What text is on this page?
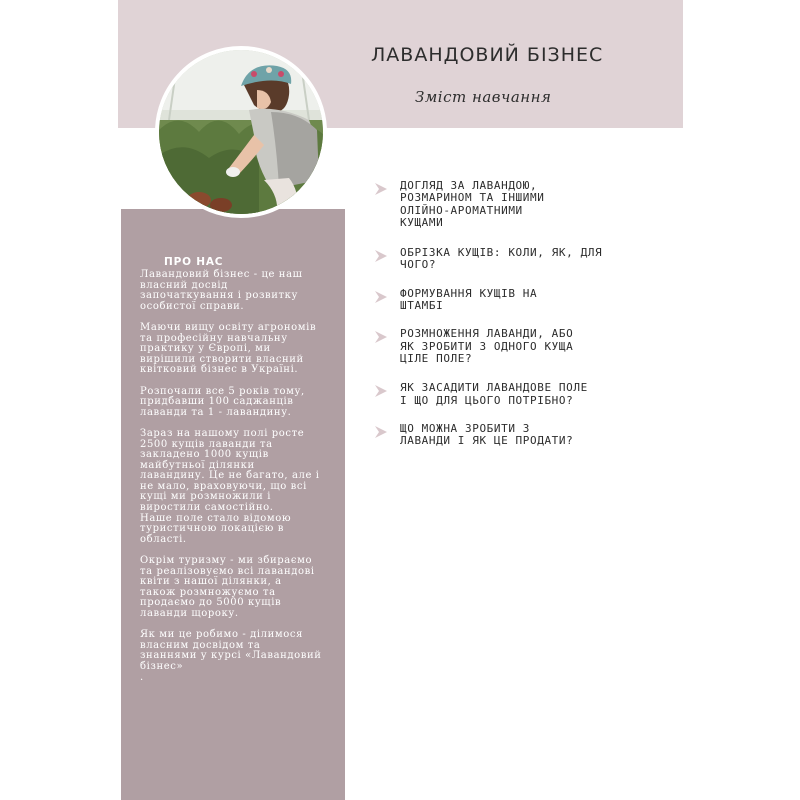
ЛАВАНДОВИЙ БІЗНЕС
Зміст навчання
ПРО НАС

Лавандовий бізнес - це наш
власний досвід
започаткування і розвитку
особистої справи.

Маючи вищу освіту агрономів
та професійну навчальну
практику у Європі, ми
вирішили створити власний
квітковий бізнес в Україні.

Розпочали все 5 років тому,
придбавши 100 саджанців
лаванди та 1 - лавандину.

Зараз на нашому полі росте
2500 кущів лаванди та
закладено 1000 кущів
майбутньої ділянки
лавандину. Це не багато, але і
не мало, враховуючи, що всі
кущі ми розмножили і
виростили самостійно.
Наше поле стало відомою
туристичною локацією в
області.

Окрім туризму - ми збираємо
та реалізовуємо всі лавандові
квіти з нашої ділянки, а
також розмножуємо та
продаємо до 5000 кущів
лаванди щороку.

Як ми це робимо - ділимося
власним досвідом та
знаннями у курсі «Лавандовий
бізнес»
.

ДОГЛЯД ЗА ЛАВАНДОЮ,
РОЗМАРИНОМ ТА ІНШИМИ
ОЛІЙНО-АРОМАТНИМИ
КУЩАМИ
ОБРІЗКА КУЩІВ: КОЛИ, ЯК, ДЛЯ
ЧОГО?
ФОРМУВАННЯ КУЩІВ НА
ШТАМБІ
РОЗМНОЖЕННЯ ЛАВАНДИ, АБО
ЯК ЗРОБИТИ З ОДНОГО КУЩА
ЦІЛЕ ПОЛЕ?
ЯК ЗАСАДИТИ ЛАВАНДОВЕ ПОЛЕ
І ЩО ДЛЯ ЦЬОГО ПОТРІБНО?
ЩО МОЖНА ЗРОБИТИ З
ЛАВАНДИ І ЯК ЦЕ ПРОДАТИ?
